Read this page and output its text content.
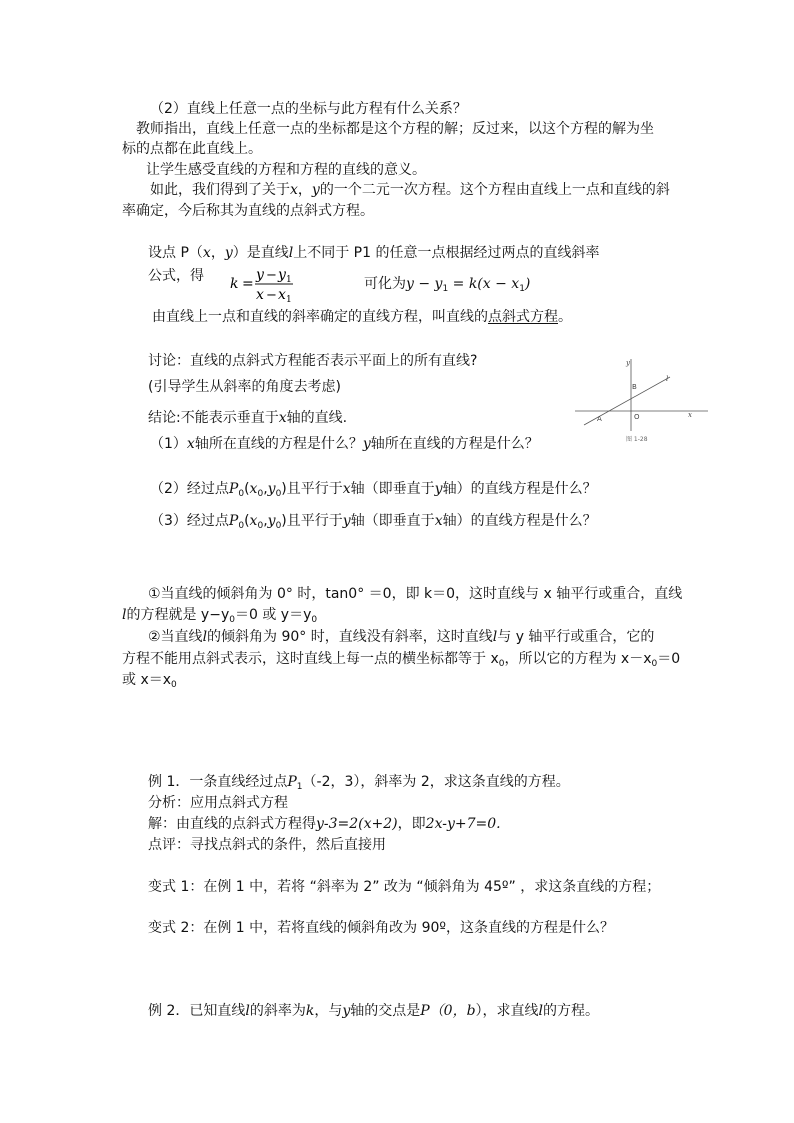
（2）直线上任意一点的坐标与此方程有什么关系？
教师指出，直线上任意一点的坐标都是这个方程的解；反过来，以这个方程的解为坐
标的点都在此直线上。
让学生感受直线的方程和方程的直线的意义。
如此，我们得到了关于x，y的一个二元一次方程。这个方程由直线上一点和直线的斜
率确定，今后称其为直线的点斜式方程。
设点 P（x，y）是直线l上不同于 P1 的任意一点根据经过两点的直线斜率
公式，得 k =
y − y 1
x − x 1
可化为$y - y_1 = k(x - x_1)$
由直线上一点和直线的斜率确定的直线方程，叫直线的点斜式方程。
讨论：直线的点斜式方程能否表示平面上的所有直线?
(引导学生从斜率的角度去考虑)
结论:不能表示垂直于x轴的直线.
（1）x轴所在直线的方程是什么？y轴所在直线的方程是什么？
（2）经过点$P_0(x_0,y_0)$且平行于x轴（即垂直于y轴）的直线方程是什么？
（3）经过点$P_0(x_0,y_0)$且平行于y轴（即垂直于x轴）的直线方程是什么？
y
x
B
O
A
l
图 1-28
①当直线的倾斜角为 0° 时，tan0° ＝0，即 k＝0，这时直线与 x 轴平行或重合，直线
l的方程就是 $y-y_0=0$ 或 $y=y_0$
②当直线l的倾斜角为 90° 时，直线没有斜率，这时直线l与 y 轴平行或重合，它的
方程不能用点斜式表示，这时直线上每一点的横坐标都等于 $x_0$，所以它的方程为 $x-x_0=0$
或 $x=x_0$
例 1．一条直线经过点$P_1(-2$，3），斜率为 2，求这条直线的方程。
分析：应用点斜式方程
解：由直线的点斜式方程得y-3=2(x+2)，即2x-y+7=0.
点评：寻找点斜式的条件，然后直接用
变式 1：在例 1 中，若将 “斜率为 2” 改为 “倾斜角为 45º” ，求这条直线的方程；
变式 2：在例 1 中，若将直线的倾斜角改为 90º，这条直线的方程是什么？
例 2．已知直线l的斜率为k，与y轴的交点是P（0，b），求直线l的方程。
